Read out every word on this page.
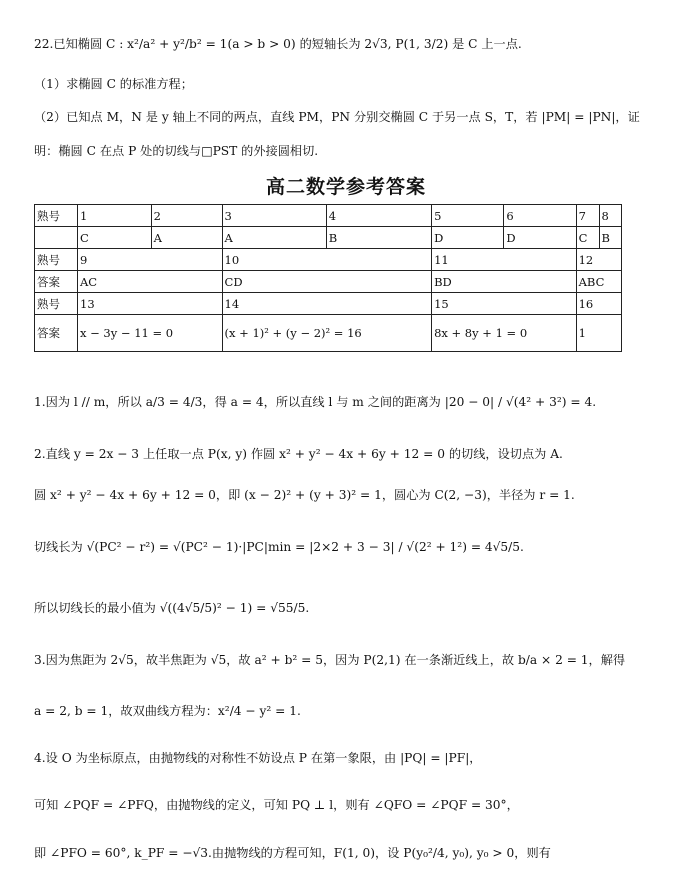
22.已知椭圆 C : x²/a² + y²/b² = 1(a > b > 0) 的短轴长为 2√3, P(1, 3/2) 是 C 上一点.
（1）求椭圆 C 的标准方程；
（2）已知点 M，N 是 y 轴上不同的两点，直线 PM，PN 分别交椭圆 C 于另一点 S，T，若 |PM| = |PN|，证
明：椭圆 C 在点 P 处的切线与□PST 的外接圆相切.
高二数学参考答案
熟号	1	2	3	4	5	6	7	8
	C	A	A	B	D	D	C	B
熟号	9		10		11		12	
答案	AC		CD		BD		ABC	
熟号	13		14		15		16	
答案	x − 3y − 11 = 0		(x + 1)² + (y − 2)² = 16		8x + 8y + 1 = 0		1	
1.因为 l // m，所以 a/3 = 4/3，得 a = 4，所以直线 l 与 m 之间的距离为 |20 − 0| / √(4² + 3²) = 4.
2.直线 y = 2x − 3 上任取一点 P(x, y) 作圆 x² + y² − 4x + 6y + 12 = 0 的切线，设切点为 A.
圆 x² + y² − 4x + 6y + 12 = 0，即 (x − 2)² + (y + 3)² = 1，圆心为 C(2, −3)，半径为 r = 1.
切线长为 √(PC² − r²) = √(PC² − 1)·|PC|min = |2×2 + 3 − 3| / √(2² + 1²) = 4√5/5.
所以切线长的最小值为 √((4√5/5)² − 1) = √55/5.
3.因为焦距为 2√5，故半焦距为 √5，故 a² + b² = 5，因为 P(2,1) 在一条渐近线上，故 b/a × 2 = 1，解得
a = 2, b = 1，故双曲线方程为：x²/4 − y² = 1.
4.设 O 为坐标原点，由抛物线的对称性不妨设点 P 在第一象限，由 |PQ| = |PF|，
可知 ∠PQF = ∠PFQ，由抛物线的定义，可知 PQ ⊥ l，则有 ∠QFO = ∠PQF = 30°，
即 ∠PFO = 60°, k_PF = −√3.由抛物线的方程可知，F(1, 0)，设 P(y₀²/4, y₀), y₀ > 0，则有
